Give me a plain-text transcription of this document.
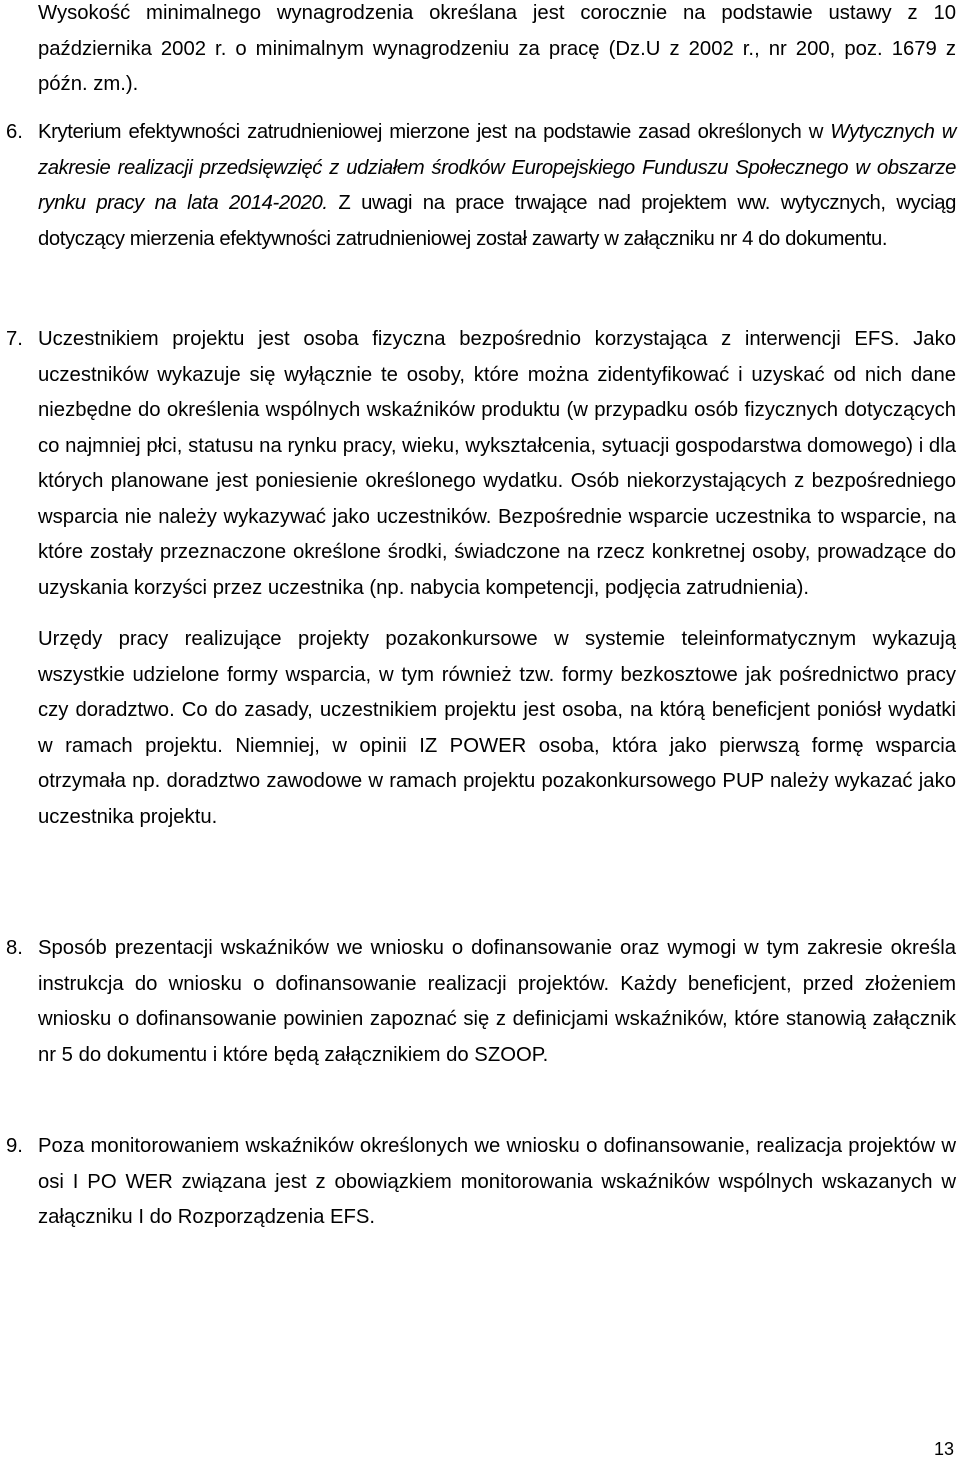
Wysokość minimalnego wynagrodzenia określana jest corocznie na podstawie ustawy z 10 października 2002 r. o minimalnym wynagrodzeniu za pracę (Dz.U z 2002 r., nr 200, poz. 1679 z późn. zm.).

6. Kryterium efektywności zatrudnieniowej mierzone jest na podstawie zasad określonych w Wytycznych w zakresie realizacji przedsięwzięć z udziałem środków Europejskiego Funduszu Społecznego w obszarze rynku pracy na lata 2014-2020. Z uwagi na prace trwające nad projektem ww. wytycznych, wyciąg dotyczący mierzenia efektywności zatrudnieniowej został zawarty w załączniku nr 4 do dokumentu.

7. Uczestnikiem projektu jest osoba fizyczna bezpośrednio korzystająca z interwencji EFS. Jako uczestników wykazuje się wyłącznie te osoby, które można zidentyfikować i uzyskać od nich dane niezbędne do określenia wspólnych wskaźników produktu (w przypadku osób fizycznych dotyczących co najmniej płci, statusu na rynku pracy, wieku, wykształcenia, sytuacji gospodarstwa domowego) i dla których planowane jest poniesienie określonego wydatku. Osób niekorzystających z bezpośredniego wsparcia nie należy wykazywać jako uczestników. Bezpośrednie wsparcie uczestnika to wsparcie, na które zostały przeznaczone określone środki, świadczone na rzecz konkretnej osoby, prowadzące do uzyskania korzyści przez uczestnika (np. nabycia kompetencji, podjęcia zatrudnienia).

Urzędy pracy realizujące projekty pozakonkursowe w systemie teleinformatycznym wykazują wszystkie udzielone formy wsparcia, w tym również tzw. formy bezkosztowe jak pośrednictwo pracy czy doradztwo. Co do zasady, uczestnikiem projektu jest osoba, na którą beneficjent poniósł wydatki w ramach projektu. Niemniej, w opinii IZ POWER osoba, która jako pierwszą formę wsparcia otrzymała np. doradztwo zawodowe w ramach projektu pozakonkursowego PUP należy wykazać jako uczestnika projektu.

8. Sposób prezentacji wskaźników we wniosku o dofinansowanie oraz wymogi w tym zakresie określa instrukcja do wniosku o dofinansowanie realizacji projektów. Każdy beneficjent, przed złożeniem wniosku o dofinansowanie powinien zapoznać się z definicjami wskaźników, które stanowią załącznik nr 5 do dokumentu i które będą załącznikiem do SZOOP.

9. Poza monitorowaniem wskaźników określonych we wniosku o dofinansowanie, realizacja projektów w osi I PO WER związana jest z obowiązkiem monitorowania wskaźników wspólnych wskazanych w załączniku I do Rozporządzenia EFS.

13
